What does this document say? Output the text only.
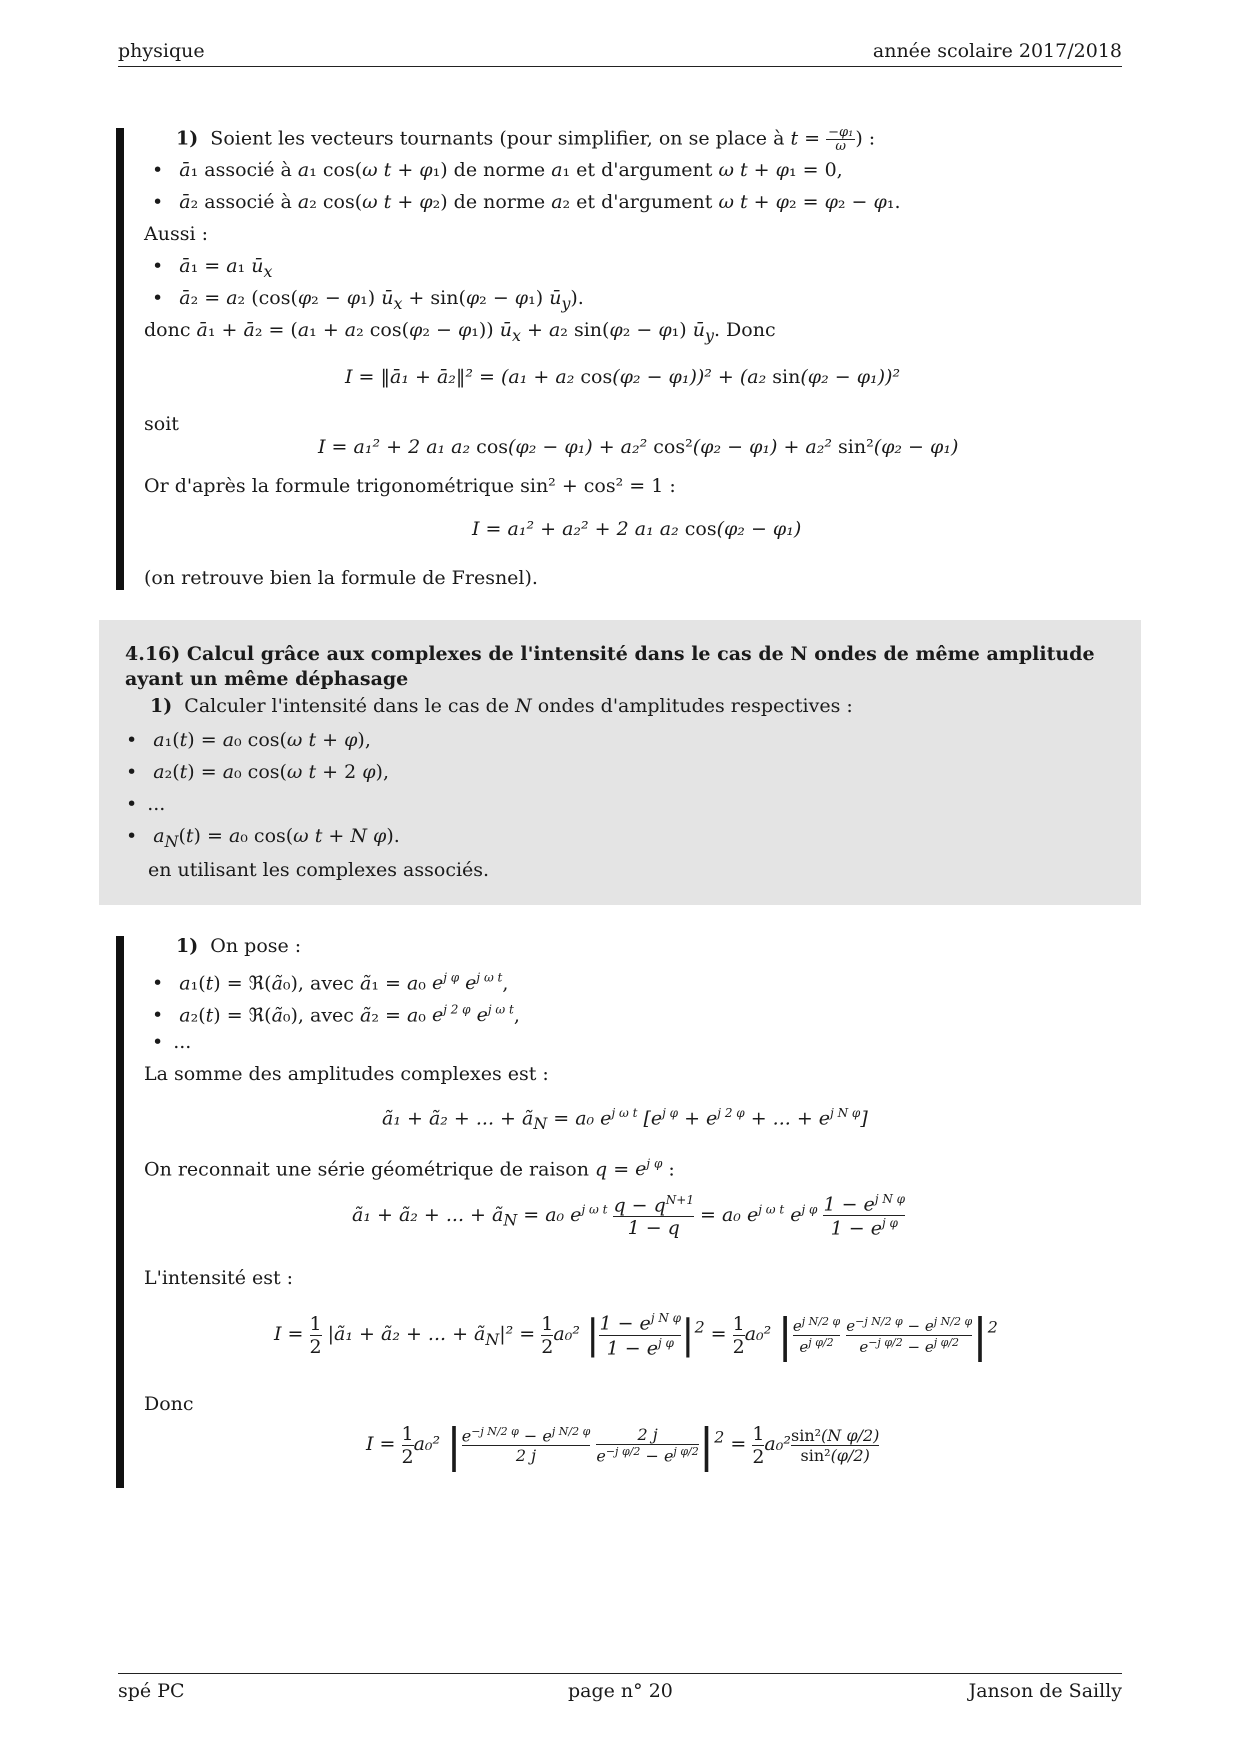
physique	année scolaire 2017/2018
1)  Soient les vecteurs tournants (pour simplifier, on se place à $t = \frac{\text{−φ₁}}{\omega}$) :
• ā₁ associé à a₁ cos(ω t + φ₁) de norme a₁ et d'argument ω t + φ₁ = 0,
• ā₂ associé à a₂ cos(ω t + φ₂) de norme a₂ et d'argument ω t + φ₂ = φ₂ − φ₁.
Aussi :
• ā₁ = a₁ $ū_x$
• ā₂ = a₂ (cos(φ₂ − φ₁) $ū_x + \sin(\varphi_2 - \varphi_1)$ $ū_y$).
donc ā₁ + ā₂ = (a₁ + a₂ cos(φ₂ − φ₁)) $ū_x + a_2$ sin(φ₂ − φ₁) $ū_y$. Donc
I = ‖ā₁ + ā₂‖² = (a₁ + a₂ cos(φ₂ − φ₁))² + (a₂ sin(φ₂ − φ₁))²
soit
I = a₁² + 2 a₁ a₂ cos(φ₂ − φ₁) + a₂² cos²(φ₂ − φ₁) + a₂² sin²(φ₂ − φ₁)
Or d'après la formule trigonométrique sin² + cos² = 1 :
I = a₁² + a₂² + 2 a₁ a₂ cos(φ₂ − φ₁)
(on retrouve bien la formule de Fresnel).
4.16) Calcul grâce aux complexes de l'intensité dans le cas de N ondes de même amplitude ayant un même déphasage
1)  Calculer l'intensité dans le cas de N ondes d'amplitudes respectives :
• a₁(t) = a₀ cos(ω t + φ),
• a₂(t) = a₀ cos(ω t + 2 φ),
• ...
• $a_N(t) = a_0$ cos(ω t + N φ).
en utilisant les complexes associés.
1)  On pose :
• a₁(t) = ℜ(ã₀), avec ã₁ = a₀ $e^{j \varphi}$ $e^{j \omega t}$,
• a₂(t) = ℜ(ã₀), avec ã₂ = a₀ $e^{j 2 \varphi}$ $e^{j \omega t}$,
• ...
La somme des amplitudes complexes est :
ã₁ + ã₂ + ... + $ã_N = a_0$ $e^{j \omega t}$ [$e^{j \varphi} + e^{j 2 \varphi}$ + ... + $e^{j N \varphi}$]
On reconnait une série géométrique de raison $q = e^{j \varphi}$ :
ã₁ + ã₂ + ... + $ã_N = a_0$ $e^{j \omega t} \frac{q - q^{N+1}}{1 - q} = a_0$ $e^{j \omega t}$ $e^{j \varphi} \frac{1 - e^{j N \varphi}}{1 - e^{j \varphi}}$
L'intensité est :
$I = \frac{1}{2}$ |ã₁ + ã₂ + ... + $ã_N|^2 = \frac{1}{2} a_0^2$ | $\frac{1 - e^{j N \varphi}}{1 - e^{j \varphi}} |^2 = \frac{1}{2} a_0^2$ | $\frac{e^{j N/2 \varphi}}{e^{j \varphi/2}}$
$\frac{e^{-j N/2 \varphi} - e^{j N/2 \varphi}}{e^{-j \varphi/2} - e^{j \varphi/2}} |^2$
Donc
$I = \frac{1}{2} a_0^2$ | $\frac{e^{-j N/2 \varphi} - e^{j N/2 \varphi}}{2 j}$
$\frac{2 j}{e^{-j \varphi/2} - e^{j \varphi/2}} |^2 = \frac{1}{2} a_0^2 \frac{\text{sin²(N φ/2)}}{\text{sin²(φ/2)}}$
spé PC	page n° 20	Janson de Sailly
